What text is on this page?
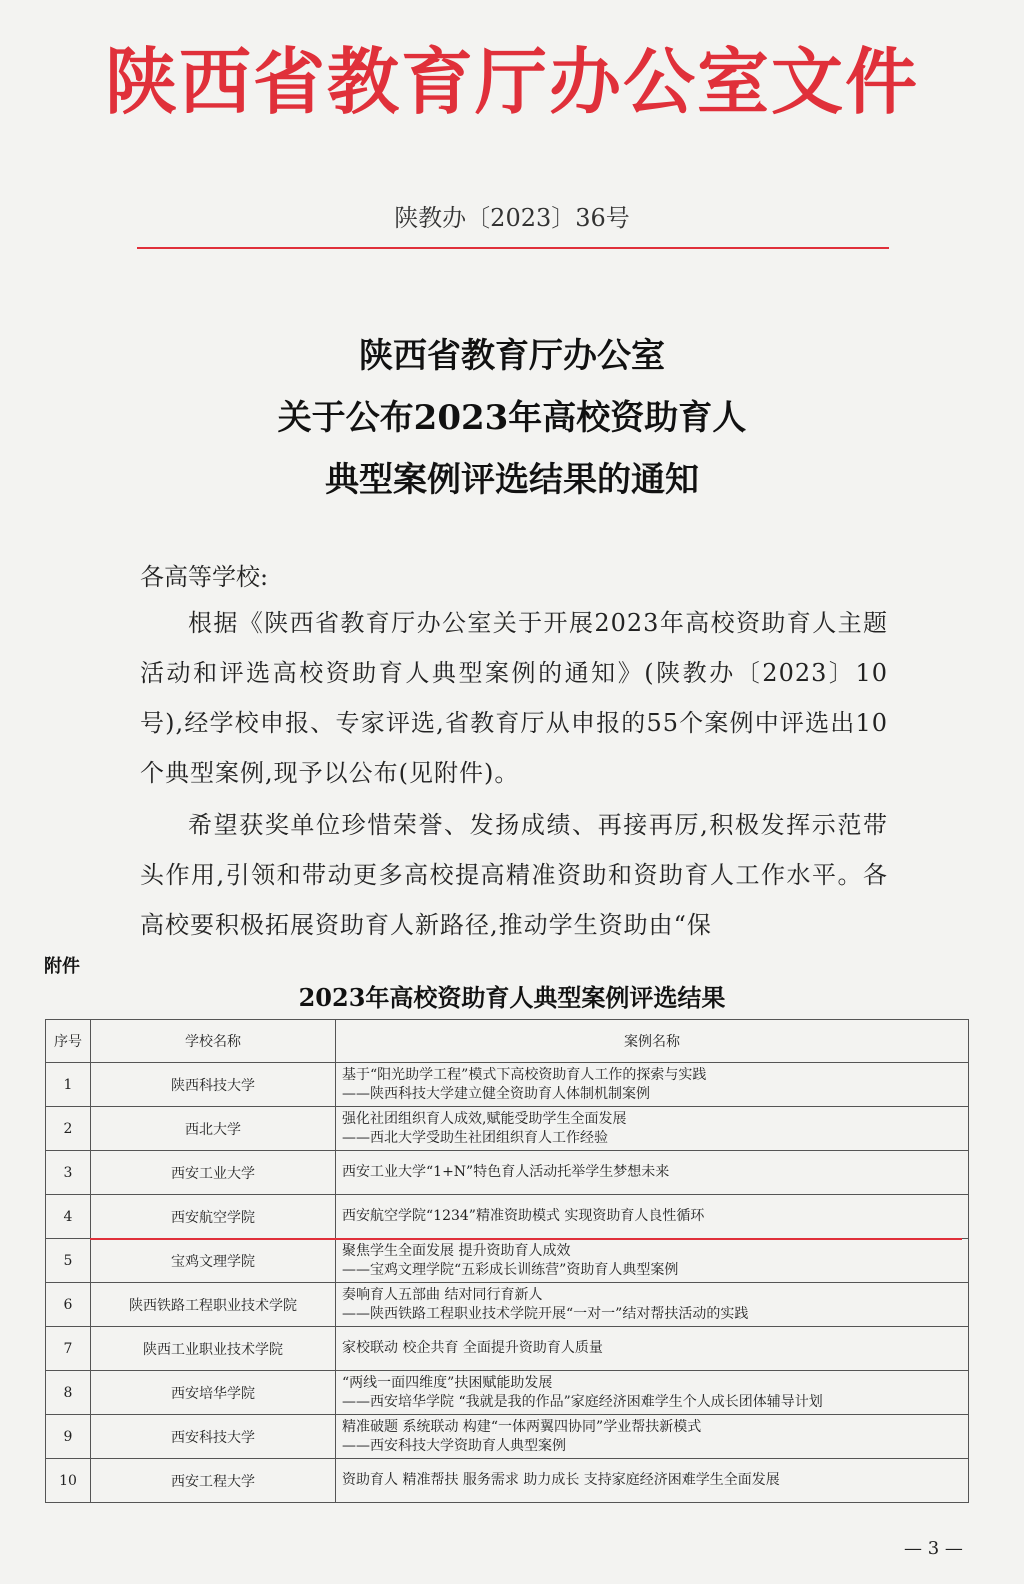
陕西省教育厅办公室文件
陕教办〔2023〕36号
陕西省教育厅办公室
关于公布2023年高校资助育人
典型案例评选结果的通知
各高等学校:

根据《陕西省教育厅办公室关于开展2023年高校资助育人主题活动和评选高校资助育人典型案例的通知》(陕教办〔2023〕10号),经学校申报、专家评选,省教育厅从申报的55个案例中评选出10个典型案例,现予以公布(见附件)。

希望获奖单位珍惜荣誉、发扬成绩、再接再厉,积极发挥示范带头作用,引领和带动更多高校提高精准资助和资助育人工作水平。各高校要积极拓展资助育人新路径,推动学生资助由“保

附件
2023年高校资助育人典型案例评选结果
序号	学校名称	案例名称
1	陕西科技大学	基于“阳光助学工程”模式下高校资助育人工作的探索与实践
——陕西科技大学建立健全资助育人体制机制案例

2	西北大学	强化社团组织育人成效,赋能受助学生全面发展
——西北大学受助生社团组织育人工作经验

3	西安工业大学	西安工业大学“1+N”特色育人活动托举学生梦想未来

4	西安航空学院	西安航空学院“1234”精准资助模式 实现资助育人良性循环

5	宝鸡文理学院	聚焦学生全面发展 提升资助育人成效
——宝鸡文理学院“五彩成长训练营”资助育人典型案例

6	陕西铁路工程职业技术学院	奏响育人五部曲 结对同行育新人
——陕西铁路工程职业技术学院开展“一对一”结对帮扶活动的实践

7	陕西工业职业技术学院	家校联动 校企共育 全面提升资助育人质量

8	西安培华学院	“两线一面四维度”扶困赋能助发展
——西安培华学院 “我就是我的作品”家庭经济困难学生个人成长团体辅导计划

9	西安科技大学	精准破题 系统联动 构建“一体两翼四协同”学业帮扶新模式
——西安科技大学资助育人典型案例

10	西安工程大学	资助育人 精准帮扶 服务需求 助力成长 支持家庭经济困难学生全面发展
— 3 —
